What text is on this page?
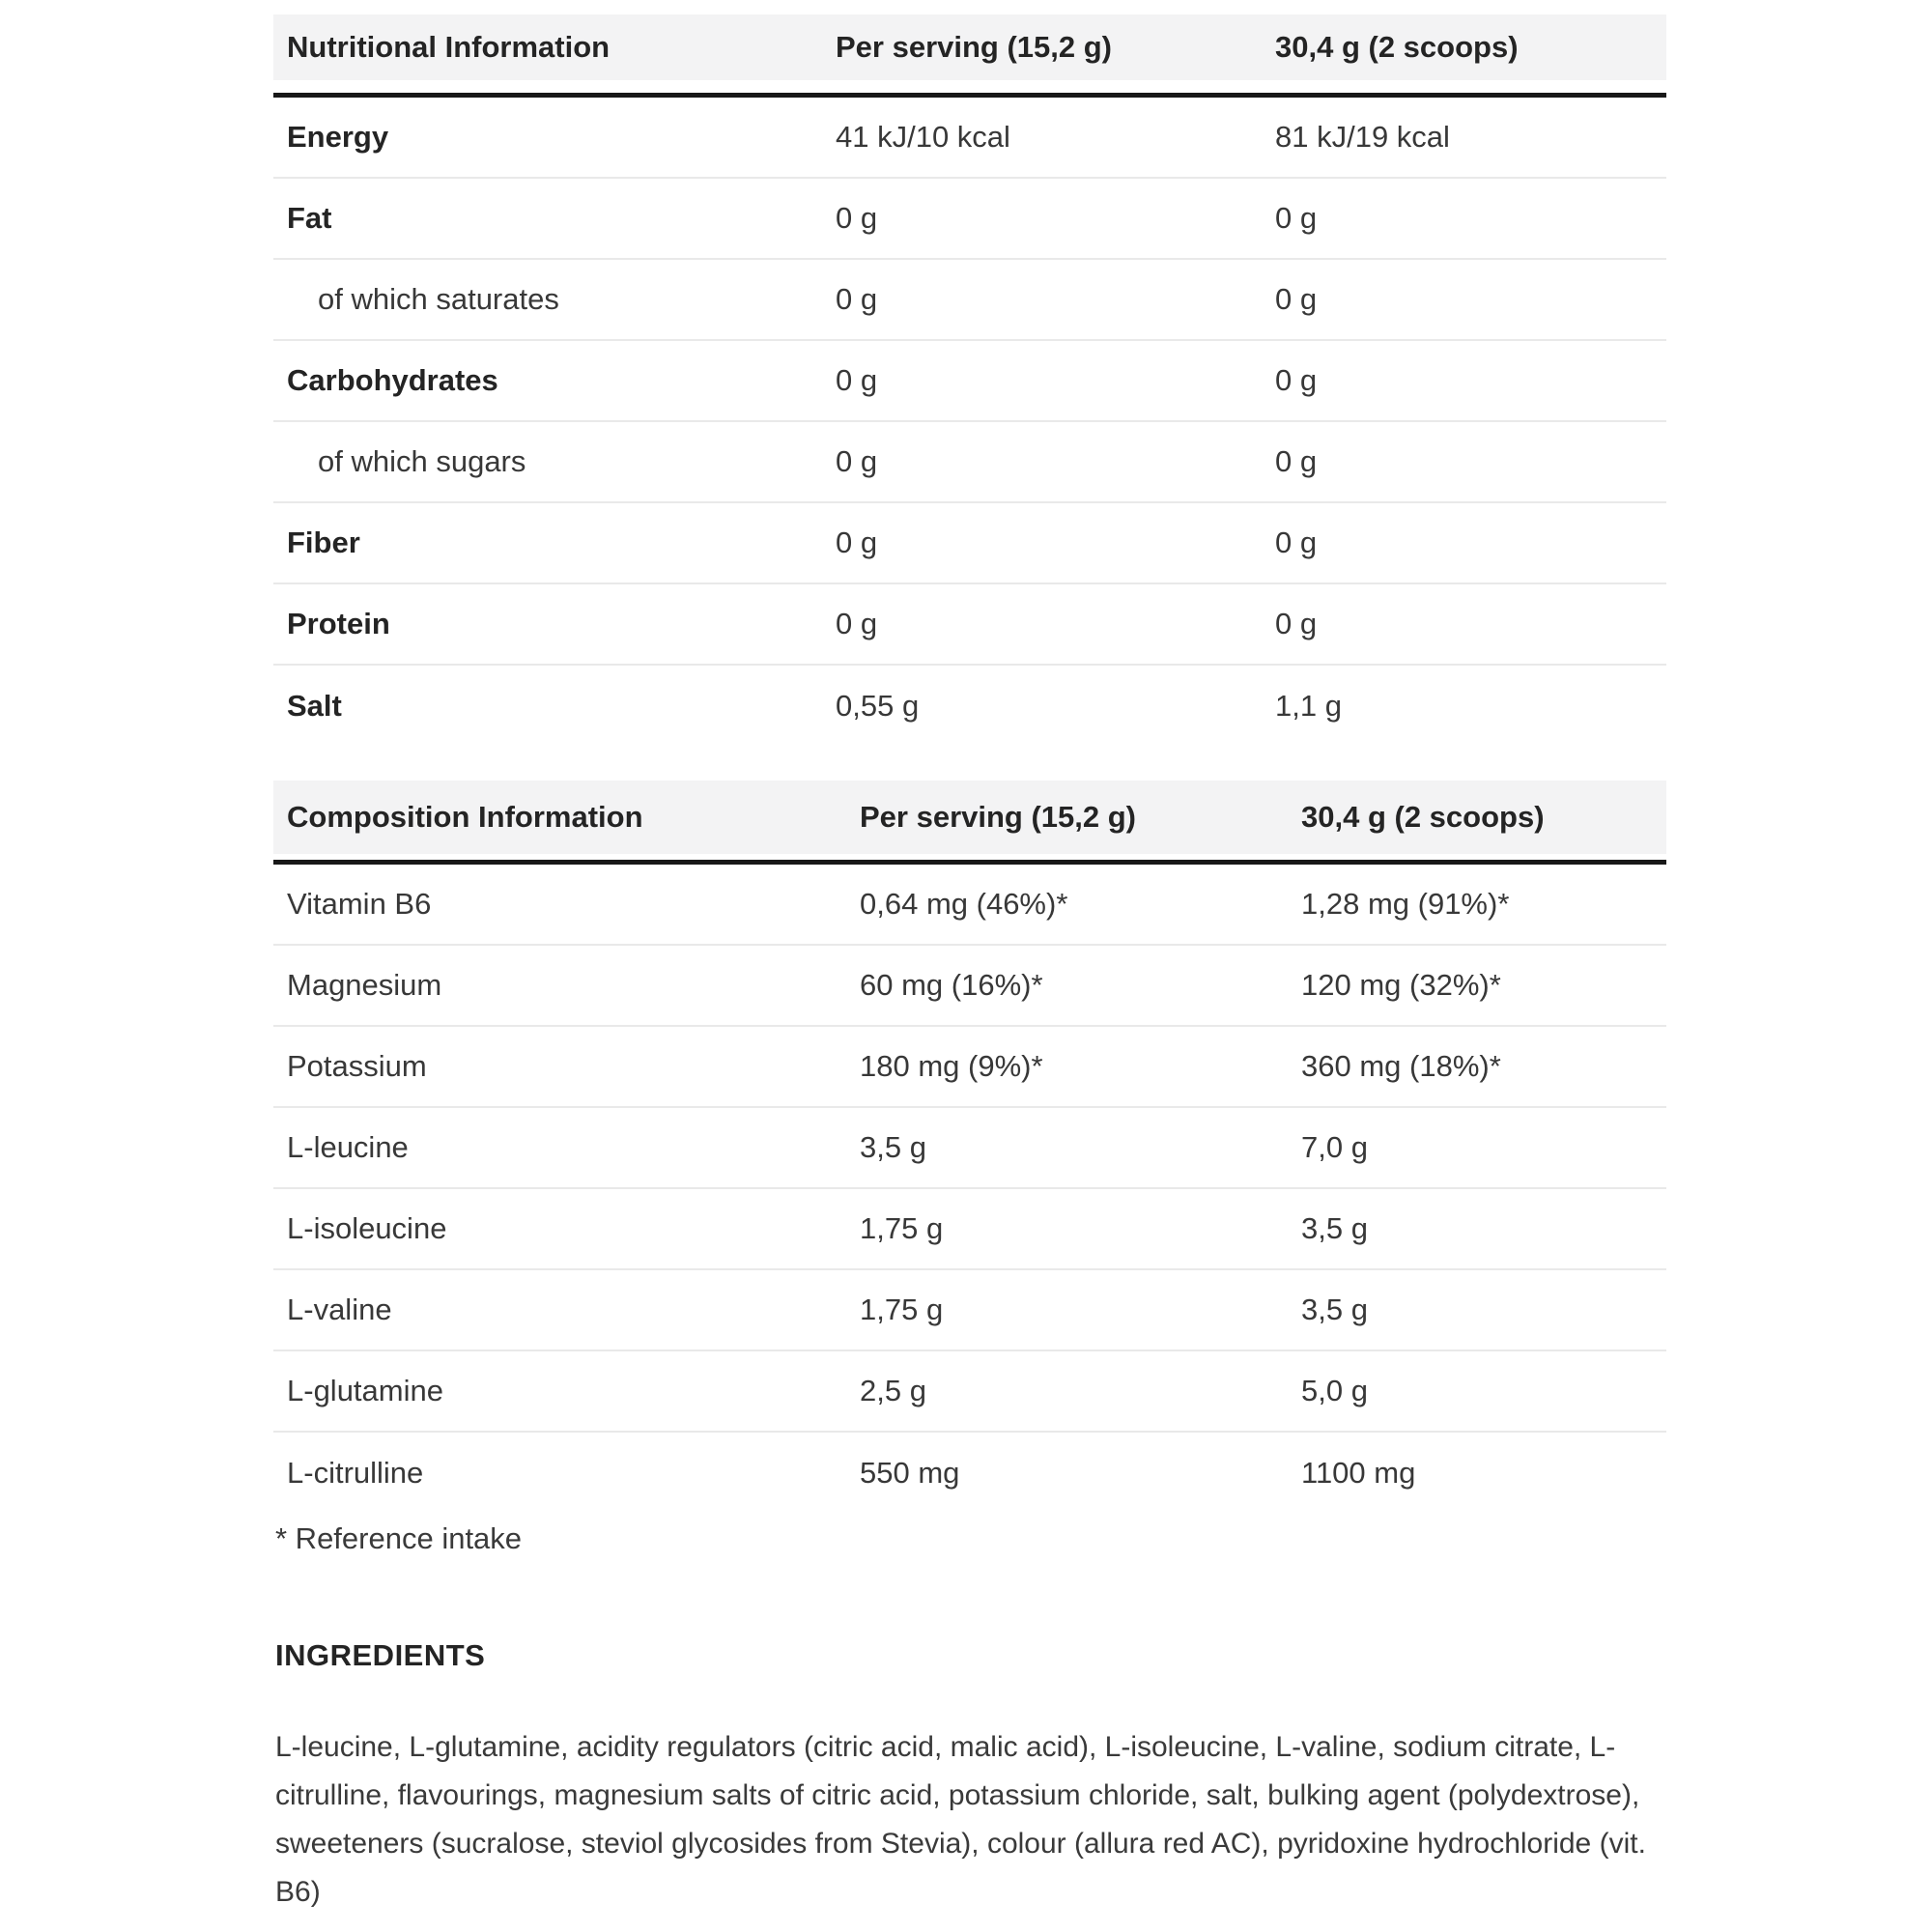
Nutritional Information	Per serving (15,2 g)	30,4 g (2 scoops)
Energy	41 kJ/10 kcal	81 kJ/19 kcal
Fat	0 g	0 g
of which saturates	0 g	0 g
Carbohydrates	0 g	0 g
of which sugars	0 g	0 g
Fiber	0 g	0 g
Protein	0 g	0 g
Salt	0,55 g	1,1 g
Composition Information	Per serving (15,2 g)	30,4 g (2 scoops)
Vitamin B6	0,64 mg (46%)*	1,28 mg (91%)*
Magnesium	60 mg (16%)*	120 mg (32%)*
Potassium	180 mg (9%)*	360 mg (18%)*
L-leucine	3,5 g	7,0 g
L-isoleucine	1,75 g	3,5 g
L-valine	1,75 g	3,5 g
L-glutamine	2,5 g	5,0 g
L-citrulline	550 mg	1100 mg
* Reference intake
INGREDIENTS
L-leucine, L-glutamine, acidity regulators (citric acid, malic acid), L-isoleucine, L-valine, sodium citrate, L-citrulline, flavourings, magnesium salts of citric acid, potassium chloride, salt, bulking agent (polydextrose), sweeteners (sucralose, steviol glycosides from Stevia), colour (allura red AC), pyridoxine hydrochloride (vit. B6)
